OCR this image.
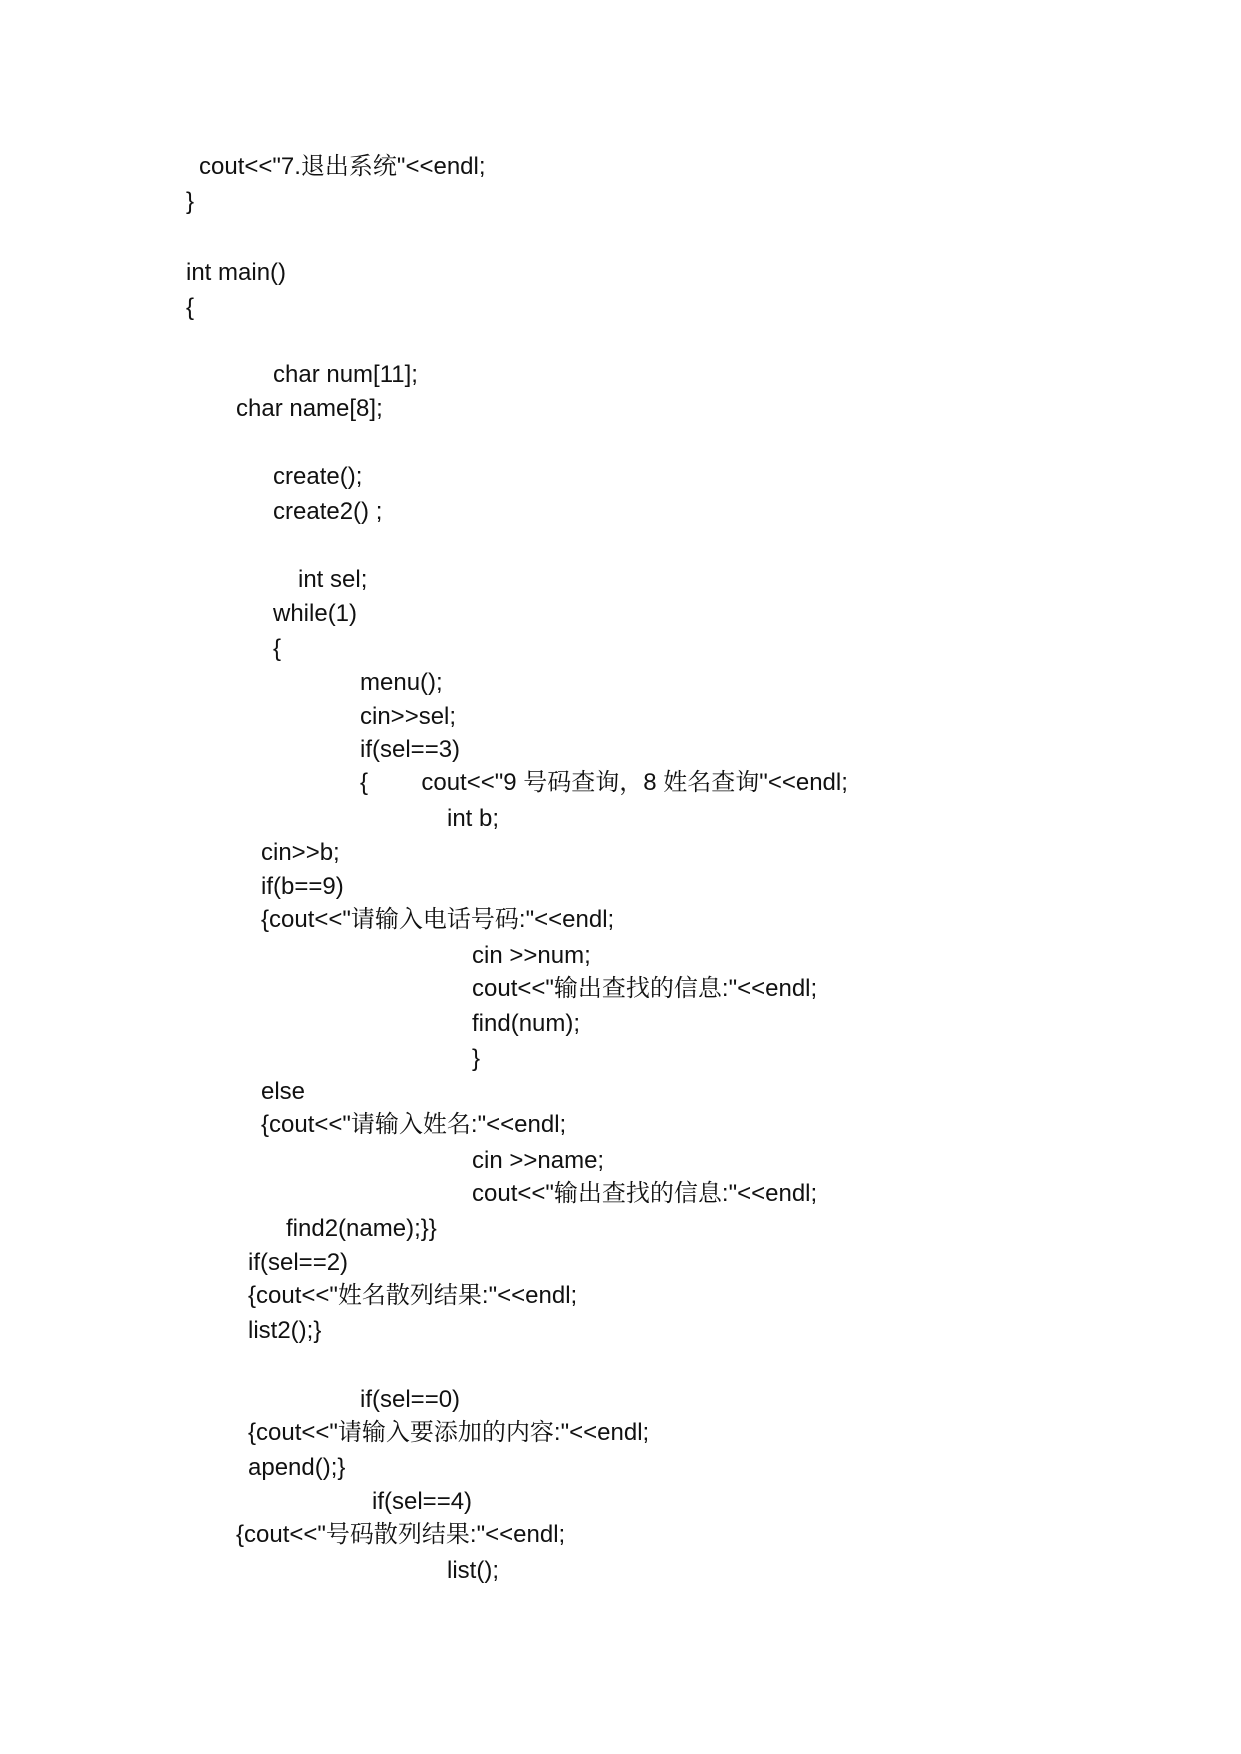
cout<<"7.退出系统"<<endl;
}
int main()
{
char num[11];
char name[8];
create();
create2() ;
int sel;
while(1)
{
menu();
cin>>sel;
if(sel==3)
{        cout<<"9 号码查询，8 姓名查询"<<endl;
int b;
cin>>b;
if(b==9)
{cout<<"请输入电话号码:"<<endl;
cin >>num;
cout<<"输出查找的信息:"<<endl;
find(num);
}
else
{cout<<"请输入姓名:"<<endl;
cin >>name;
cout<<"输出查找的信息:"<<endl;
find2(name);}}
if(sel==2)
{cout<<"姓名散列结果:"<<endl;
list2();}
if(sel==0)
{cout<<"请输入要添加的内容:"<<endl;
apend();}
if(sel==4)
{cout<<"号码散列结果:"<<endl;
list();
